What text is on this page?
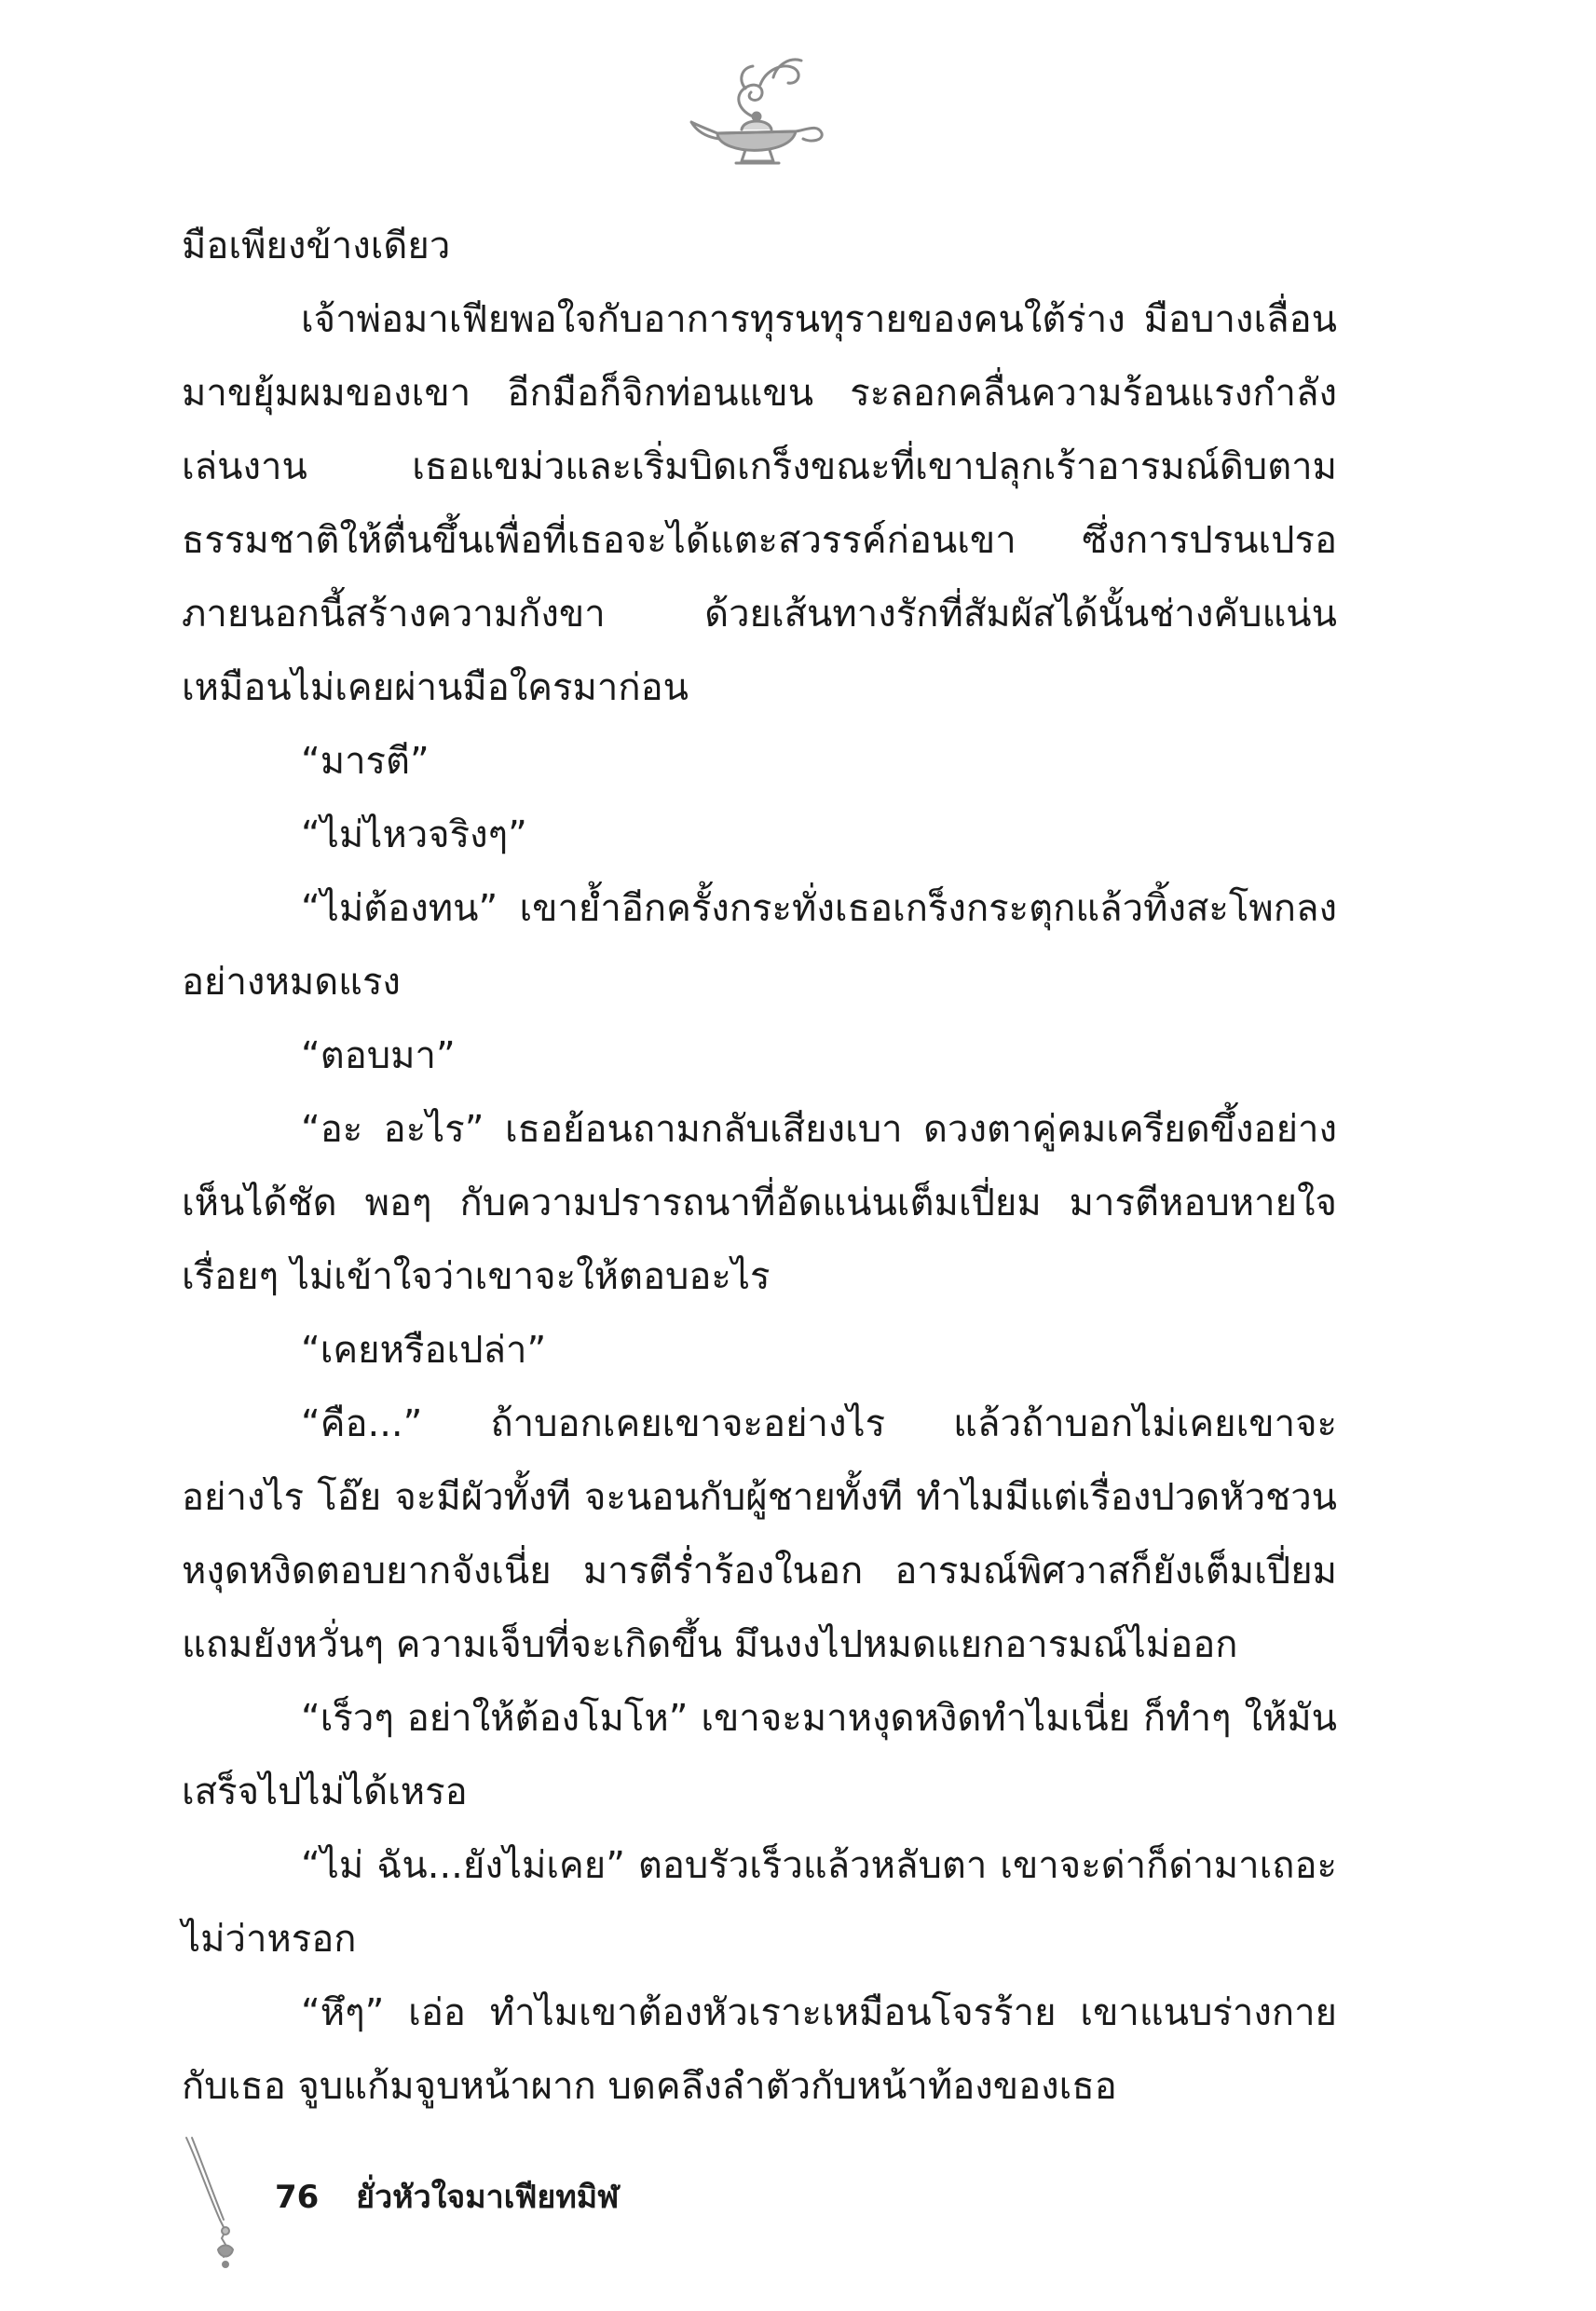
มือเพียงข้างเดียว

เจ้าพ่อมาเฟียพอใจกับอาการทุรนทุรายของคนใต้ร่าง มือบางเลื่อนมาขยุ้มผมของเขา อีกมือก็จิกท่อนแขน ระลอกคลื่นความร้อนแรงกำลังเล่นงาน เธอแขม่วและเริ่มบิดเกร็งขณะที่เขาปลุกเร้าอารมณ์ดิบตามธรรมชาติให้ตื่นขึ้นเพื่อที่เธอจะได้แตะสวรรค์ก่อนเขา ซึ่งการปรนเปรอภายนอกนี้สร้างความกังขา ด้วยเส้นทางรักที่สัมผัสได้นั้นช่างคับแน่นเหมือนไม่เคยผ่านมือใครมาก่อน

“มารตี”

“ไม่ไหวจริงๆ”

“ไม่ต้องทน” เขาย้ำอีกครั้งกระทั่งเธอเกร็งกระตุกแล้วทิ้งสะโพกลงอย่างหมดแรง

“ตอบมา”

“อะ อะไร” เธอย้อนถามกลับเสียงเบา ดวงตาคู่คมเครียดขึ้งอย่างเห็นได้ชัด พอๆ กับความปรารถนาที่อัดแน่นเต็มเปี่ยม มารตีหอบหายใจเรื่อยๆ ไม่เข้าใจว่าเขาจะให้ตอบอะไร

“เคยหรือเปล่า”

“คือ...” ถ้าบอกเคยเขาจะอย่างไร แล้วถ้าบอกไม่เคยเขาจะอย่างไร โอ๊ย จะมีผัวทั้งที จะนอนกับผู้ชายทั้งที ทำไมมีแต่เรื่องปวดหัวชวนหงุดหงิดตอบยากจังเนี่ย มารตีร่ำร้องในอก อารมณ์พิศวาสก็ยังเต็มเปี่ยมแถมยังหวั่นๆ ความเจ็บที่จะเกิดขึ้น มึนงงไปหมดแยกอารมณ์ไม่ออก

“เร็วๆ อย่าให้ต้องโมโห” เขาจะมาหงุดหงิดทำไมเนี่ย ก็ทำๆ ให้มันเสร็จไปไม่ได้เหรอ

“ไม่ ฉัน...ยังไม่เคย” ตอบรัวเร็วแล้วหลับตา เขาจะด่าก็ด่ามาเถอะไม่ว่าหรอก

“หึๆ” เอ่อ ทำไมเขาต้องหัวเราะเหมือนโจรร้าย เขาแนบร่างกายกับเธอ จูบแก้มจูบหน้าผาก บดคลึงลำตัวกับหน้าท้องของเธอ

76 ยั่วหัวใจมาเฟียทมิฬ
